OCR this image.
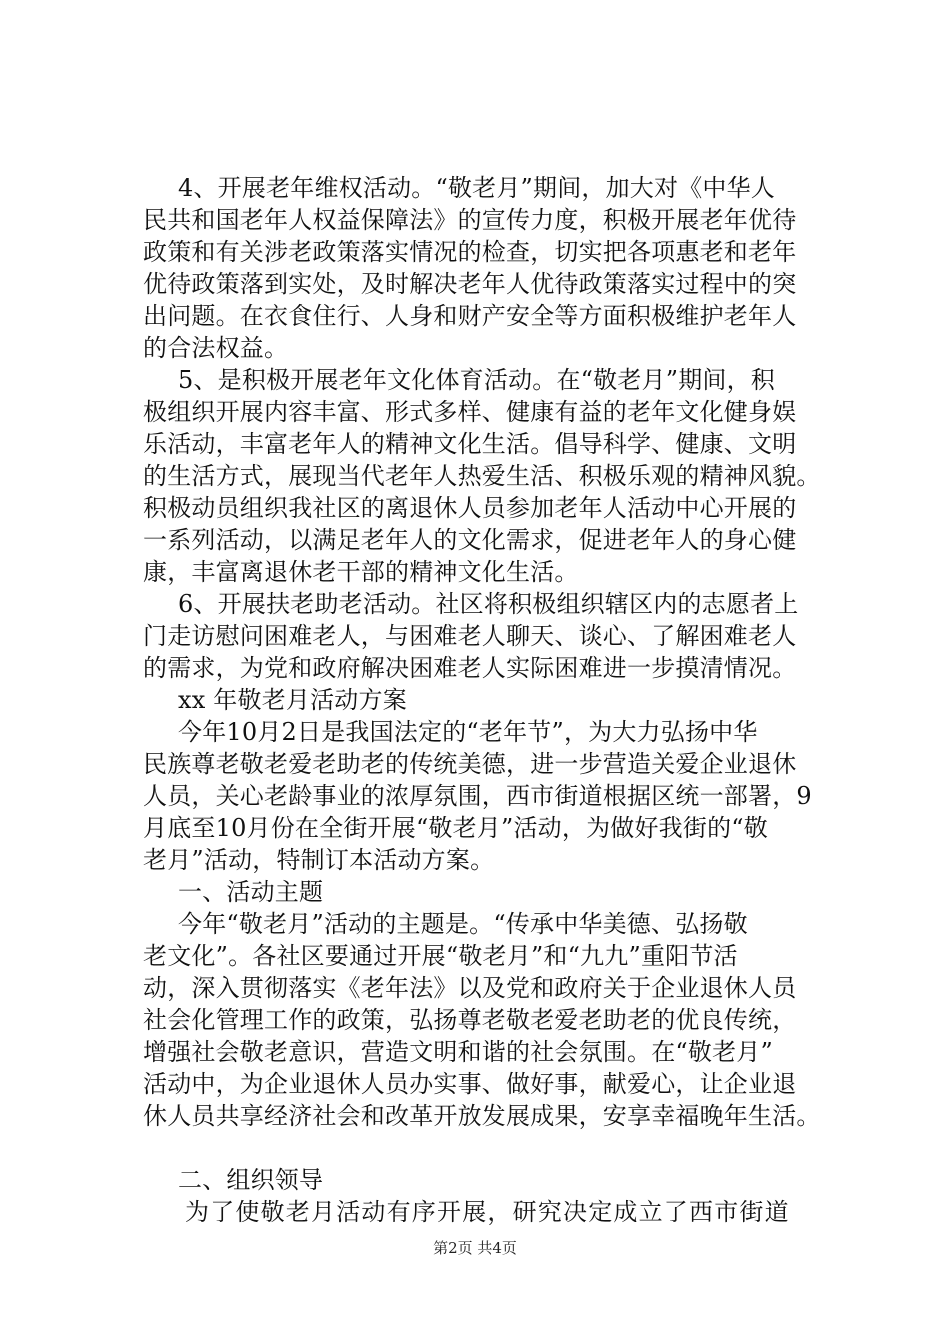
4、开展老年维权活动。“敬老月”期间，加大对《中华人
民共和国老年人权益保障法》的宣传力度，积极开展老年优待
政策和有关涉老政策落实情况的检查，切实把各项惠老和老年
优待政策落到实处，及时解决老年人优待政策落实过程中的突
出问题。在衣食住行、人身和财产安全等方面积极维护老年人
的合法权益。
5、是积极开展老年文化体育活动。在“敬老月”期间，积
极组织开展内容丰富、形式多样、健康有益的老年文化健身娱
乐活动，丰富老年人的精神文化生活。倡导科学、健康、文明
的生活方式，展现当代老年人热爱生活、积极乐观的精神风貌。
积极动员组织我社区的离退休人员参加老年人活动中心开展的
一系列活动，以满足老年人的文化需求，促进老年人的身心健
康，丰富离退休老干部的精神文化生活。
6、开展扶老助老活动。社区将积极组织辖区内的志愿者上
门走访慰问困难老人，与困难老人聊天、谈心、了解困难老人
的需求，为党和政府解决困难老人实际困难进一步摸清情况。
xx 年敬老月活动方案
今年10月2日是我国法定的“老年节”，为大力弘扬中华
民族尊老敬老爱老助老的传统美德，进一步营造关爱企业退休
人员，关心老龄事业的浓厚氛围，西市街道根据区统一部署，9
月底至10月份在全街开展“敬老月”活动，为做好我街的“敬
老月”活动，特制订本活动方案。
一、活动主题
今年“敬老月”活动的主题是。“传承中华美德、弘扬敬
老文化”。各社区要通过开展“敬老月”和“九九”重阳节活
动，深入贯彻落实《老年法》以及党和政府关于企业退休人员
社会化管理工作的政策，弘扬尊老敬老爱老助老的优良传统，
增强社会敬老意识，营造文明和谐的社会氛围。在“敬老月”
活动中，为企业退休人员办实事、做好事，献爱心，让企业退
休人员共享经济社会和改革开放发展成果，安享幸福晚年生活。
二、组织领导
为了使敬老月活动有序开展，研究决定成立了西市街道
第2页 共4页
